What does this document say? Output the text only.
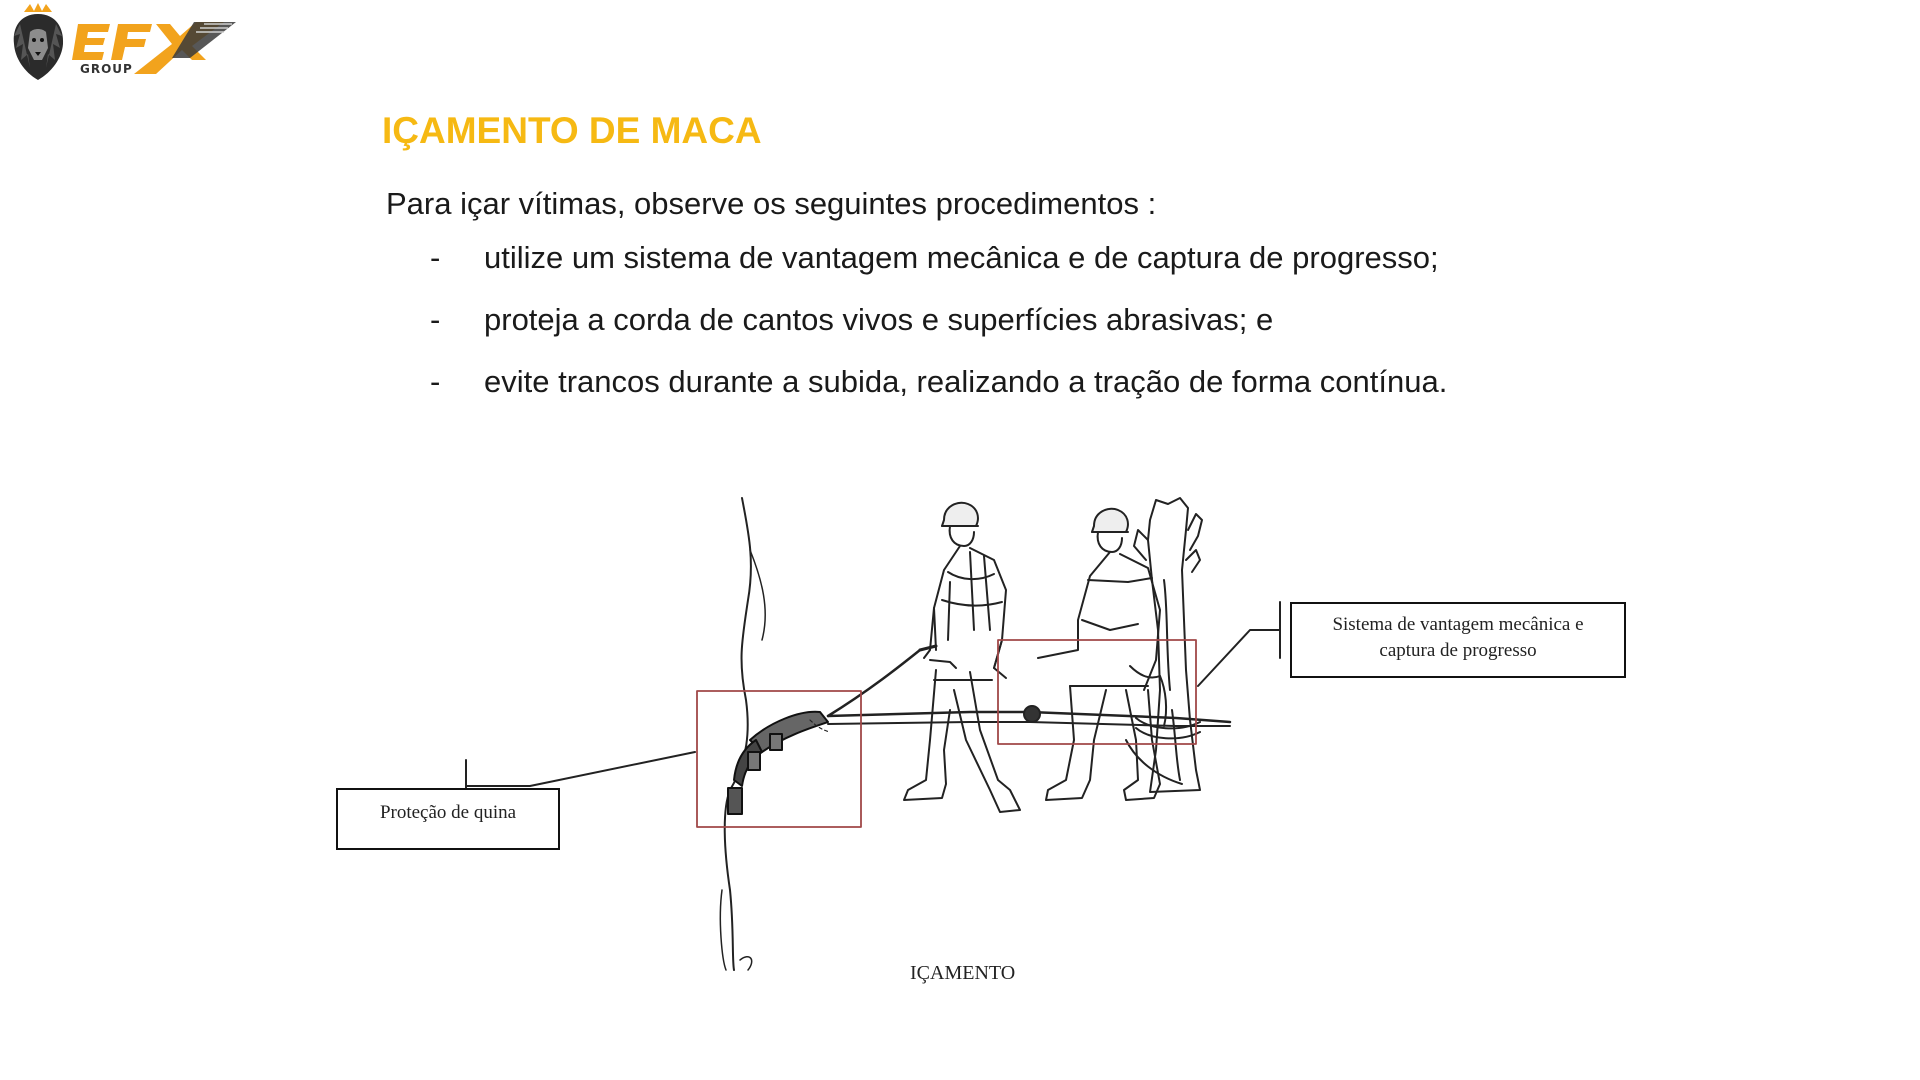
GROUP
IÇAMENTO DE MACA

Para içar vítimas, observe os seguintes procedimentos :

-	utilize um sistema de vantagem mecânica e de captura de progresso;
-	proteja a corda de cantos vivos e superfícies abrasivas; e
-	evite trancos durante a subida, realizando a tração de forma contínua.
Proteção de quina
Sistema de vantagem mecânica e captura de progresso

IÇAMENTO
